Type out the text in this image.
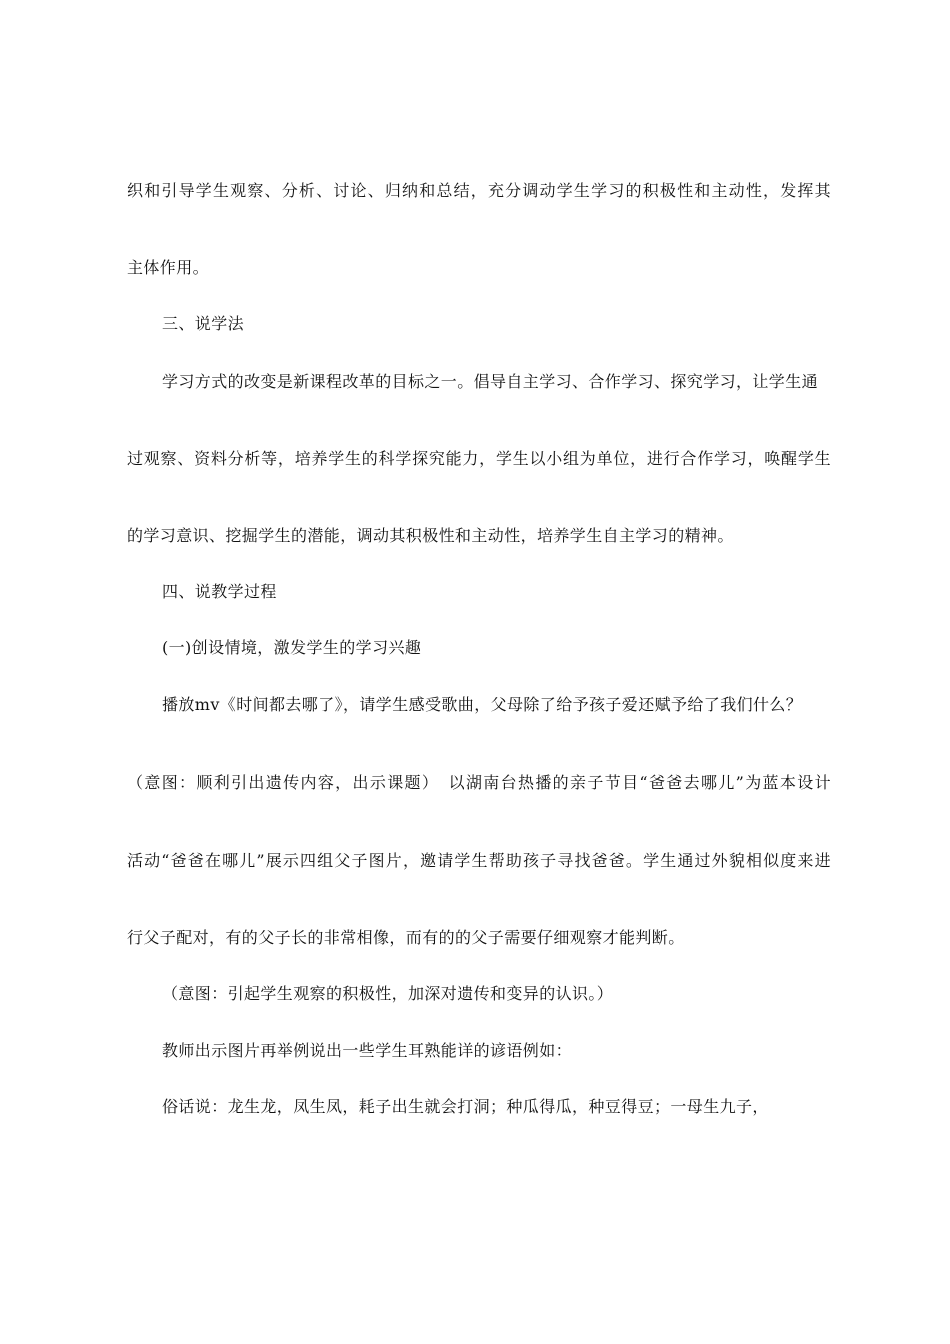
织和引导学生观察、分析、讨论、归纳和总结，充分调动学生学习的积极性和主动性，发挥其
主体作用。
三、说学法
学习方式的改变是新课程改革的目标之一。倡导自主学习、合作学习、探究学习，让学生通
过观察、资料分析等，培养学生的科学探究能力，学生以小组为单位，进行合作学习，唤醒学生
的学习意识、挖掘学生的潜能，调动其积极性和主动性，培养学生自主学习的精神。
四、说教学过程
(一)创设情境，激发学生的学习兴趣
播放mv《时间都去哪了》，请学生感受歌曲，父母除了给予孩子爱还赋予给了我们什么？
（意图：顺利引出遗传内容，出示课题）　以湖南台热播的亲子节目“爸爸去哪儿”为蓝本设计
活动“爸爸在哪儿”展示四组父子图片，邀请学生帮助孩子寻找爸爸。学生通过外貌相似度来进
行父子配对，有的父子长的非常相像，而有的的父子需要仔细观察才能判断。
（意图：引起学生观察的积极性，加深对遗传和变异的认识。）
教师出示图片再举例说出一些学生耳熟能详的谚语例如：
俗话说：龙生龙，凤生凤，耗子出生就会打洞；种瓜得瓜，种豆得豆；一母生九子，
